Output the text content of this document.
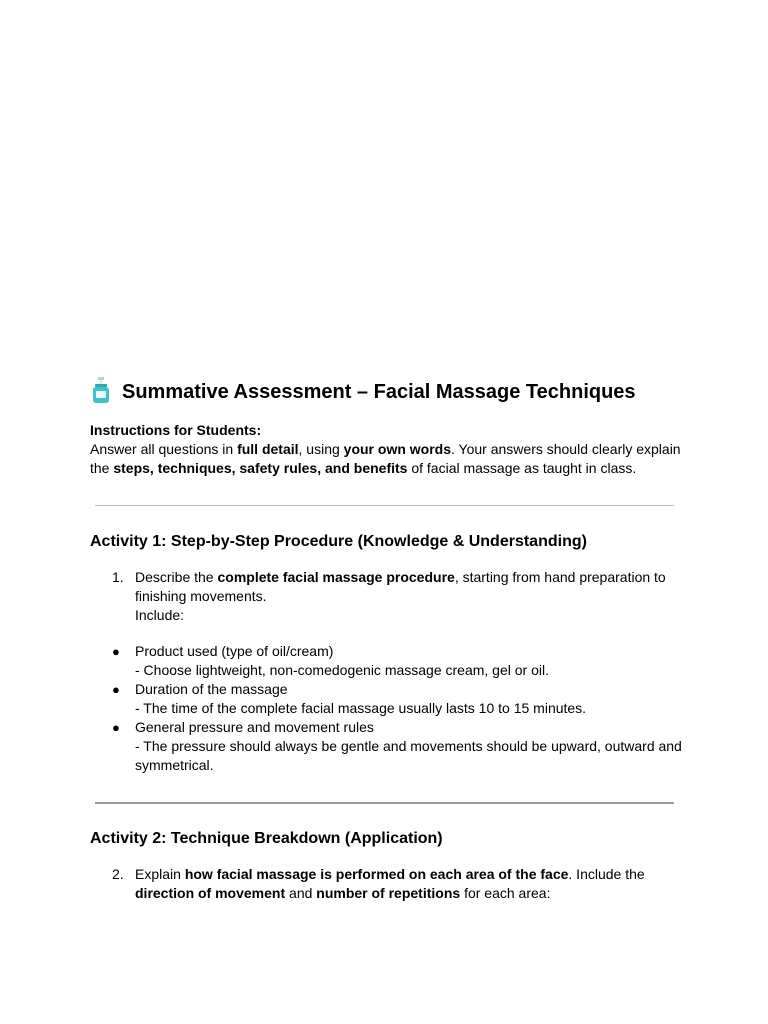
Summative Assessment – Facial Massage Techniques
Instructions for Students:
Answer all questions in full detail, using your own words. Your answers should clearly explain the steps, techniques, safety rules, and benefits of facial massage as taught in class.
Activity 1: Step-by-Step Procedure (Knowledge & Understanding)
1. Describe the complete facial massage procedure, starting from hand preparation to finishing movements.
Include:
● Product used (type of oil/cream)
- Choose lightweight, non-comedogenic massage cream, gel or oil.
● Duration of the massage
- The time of the complete facial massage usually lasts 10 to 15 minutes.
● General pressure and movement rules
- The pressure should always be gentle and movements should be upward, outward and symmetrical.
Activity 2: Technique Breakdown (Application)
2. Explain how facial massage is performed on each area of the face. Include the direction of movement and number of repetitions for each area:
